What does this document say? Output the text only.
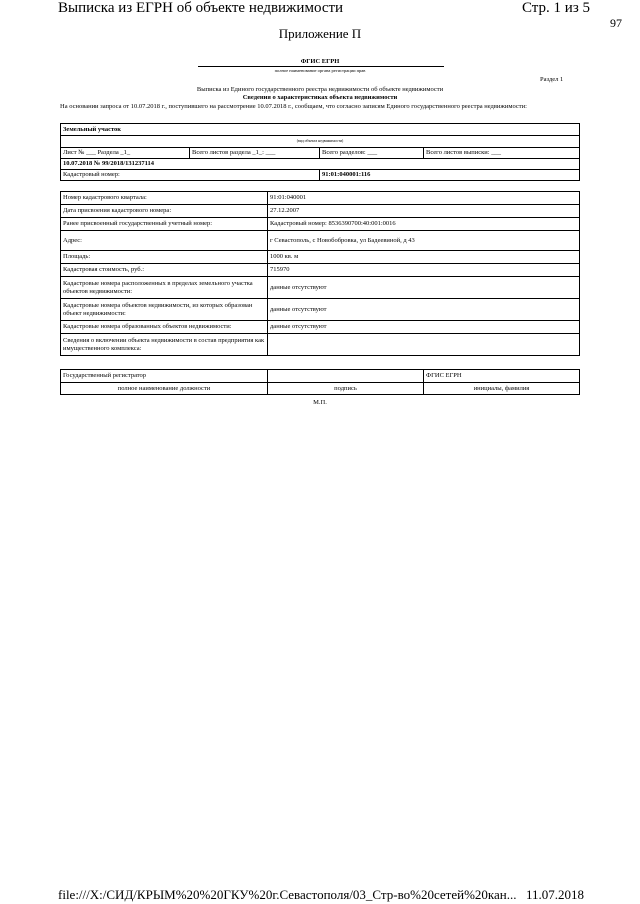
Выписка из ЕГРН об объекте недвижимости	Стр. 1 из 5
97
Приложение П
ФГИС ЕГРН
полное наименование органа регистрации прав
Раздел 1
Выписка из Единого государственного реестра недвижимости об объекте недвижимости
Сведения о характеристиках объекта недвижимости
На основании запроса от 10.07.2018 г., поступившего на рассмотрение 10.07.2018 г., сообщаем, что согласно записям Единого государственного реестра недвижимости:
Земельный участок			
(вид объекта недвижимости)			
Лист № ___ Раздела _1_	Всего листов раздела _1_: ___	Всего разделов: ___	Всего листов выписки: ___
10.07.2018 № 99/2018/131237114			
Кадастровый номер:		91:01:040001:116	
Номер кадастрового квартала:	91:01:040001
Дата присвоения кадастрового номера:	27.12.2007
Ранее присвоенный государственный учетный номер:	Кадастровый номер: 8536390700:40:001:0016
Адрес:	г Севастополь, с Новобобровка, ул Бадеевиной, д 43
Площадь:	1000 кв. м
Кадастровая стоимость, руб.:	715970
Кадастровые номера расположенных в пределах земельного участка объектов недвижимости:	данные отсутствуют
Кадастровые номера объектов недвижимости, из которых образован объект недвижимости:	данные отсутствуют
Кадастровые номера образованных объектов недвижимости:	данные отсутствуют
Сведения о включении объекта недвижимости в состав предприятия как имущественного комплекса:	
Государственный регистратор		ФГИС ЕГРН
полное наименование должности	подпись	инициалы, фамилия
М.П.
file:///X:/СИД/КРЫМ%20%20ГКУ%20г.Севастополя/03_Стр-во%20сетей%20кан... 11.07.2018
